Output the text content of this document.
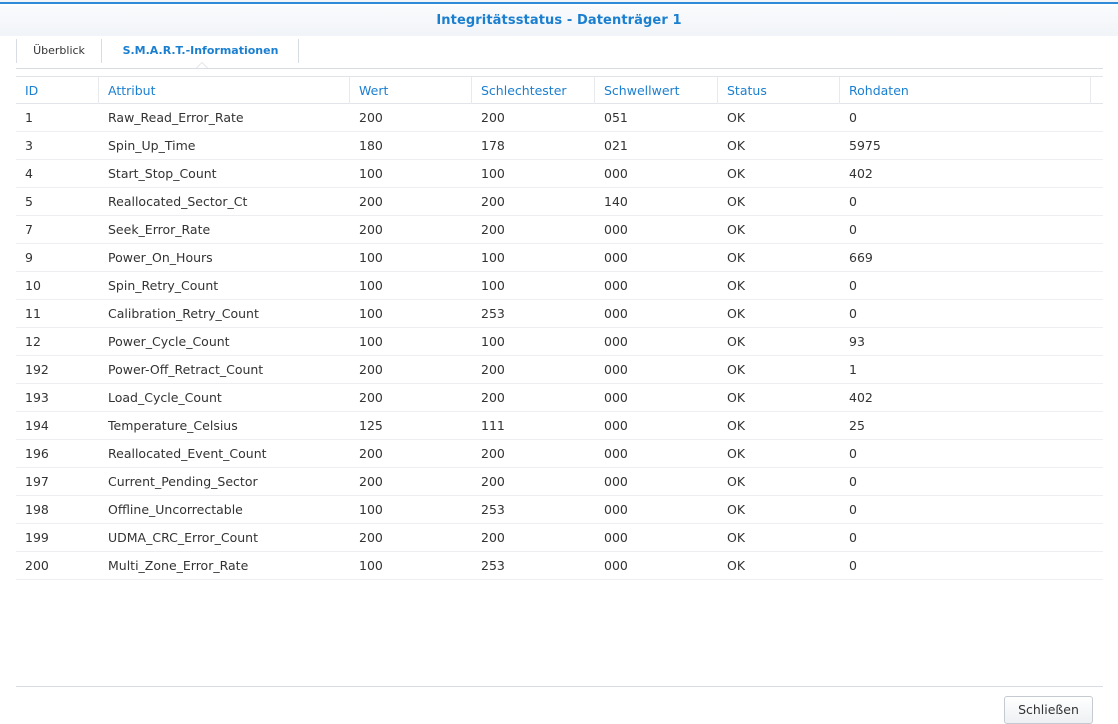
Integritätsstatus - Datenträger 1
Überblick	S.M.A.R.T.-Informationen
ID	Attribut	Wert	Schlechtester	Schwellwert	Status	Rohdaten
1	Raw_Read_Error_Rate	200	200	051	OK	0
3	Spin_Up_Time	180	178	021	OK	5975
4	Start_Stop_Count	100	100	000	OK	402
5	Reallocated_Sector_Ct	200	200	140	OK	0
7	Seek_Error_Rate	200	200	000	OK	0
9	Power_On_Hours	100	100	000	OK	669
10	Spin_Retry_Count	100	100	000	OK	0
11	Calibration_Retry_Count	100	253	000	OK	0
12	Power_Cycle_Count	100	100	000	OK	93
192	Power-Off_Retract_Count	200	200	000	OK	1
193	Load_Cycle_Count	200	200	000	OK	402
194	Temperature_Celsius	125	111	000	OK	25
196	Reallocated_Event_Count	200	200	000	OK	0
197	Current_Pending_Sector	200	200	000	OK	0
198	Offline_Uncorrectable	100	253	000	OK	0
199	UDMA_CRC_Error_Count	200	200	000	OK	0
200	Multi_Zone_Error_Rate	100	253	000	OK	0
Schließen
